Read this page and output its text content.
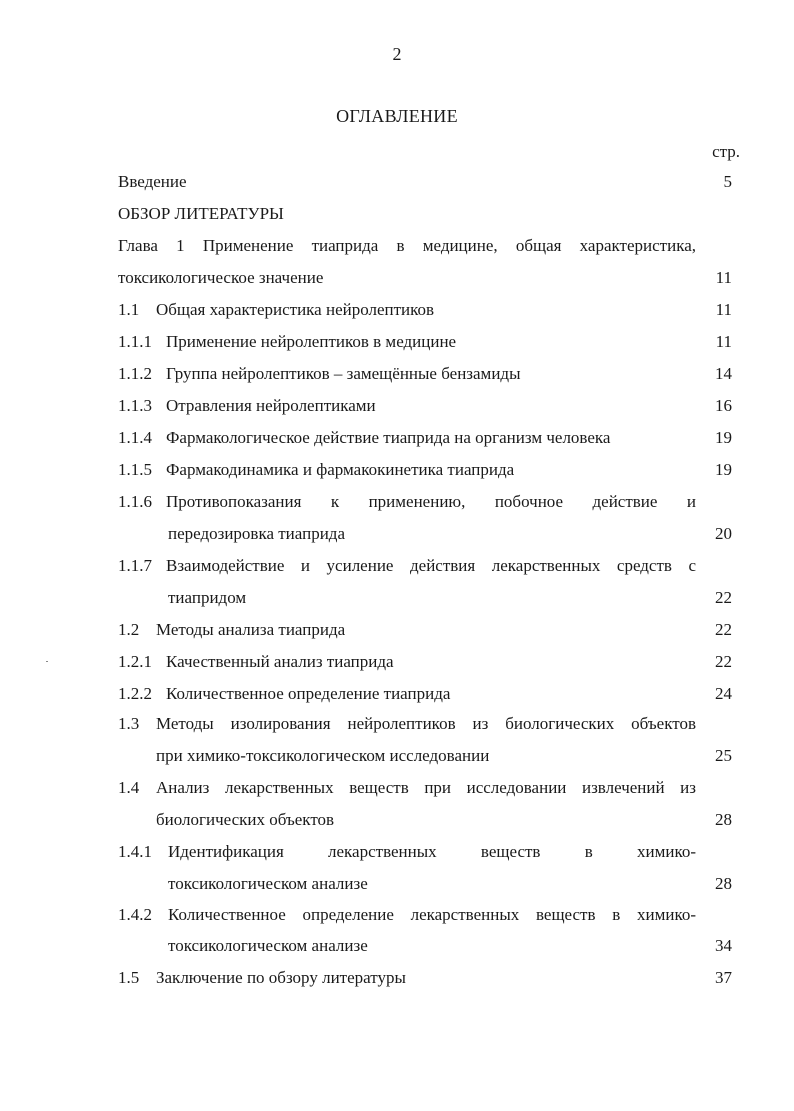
2
ОГЛАВЛЕНИЕ
стр.
Введение	5
ОБЗОР ЛИТЕРАТУРЫ
Глава 1 Применение тиаприда в медицине, общая характеристика,
токсикологическое значение	11
1.1 Общая характеристика нейролептиков	11
1.1.1 Применение нейролептиков в медицине	11
1.1.2 Группа нейролептиков – замещённые бензамиды	14
1.1.3 Отравления нейролептиками	16
1.1.4 Фармакологическое действие тиаприда на организм человека	19
1.1.5 Фармакодинамика и фармакокинетика тиаприда	19
1.1.6 Противопоказания к применению, побочное действие и
передозировка тиаприда	20
1.1.7 Взаимодействие и усиление действия лекарственных средств с
тиапридом	22
1.2 Методы анализа тиаприда	22
1.2.1 Качественный анализ тиаприда	22
1.2.2 Количественное определение тиаприда	24
1.3 Методы изолирования нейролептиков из биологических объектов
при химико-токсикологическом исследовании	25
1.4 Анализ лекарственных веществ при исследовании извлечений из
биологических объектов	28
1.4.1 Идентификация лекарственных веществ в химико-
токсикологическом анализе	28
1.4.2 Количественное определение лекарственных веществ в химико-
токсикологическом анализе	34
1.5 Заключение по обзору литературы	37
